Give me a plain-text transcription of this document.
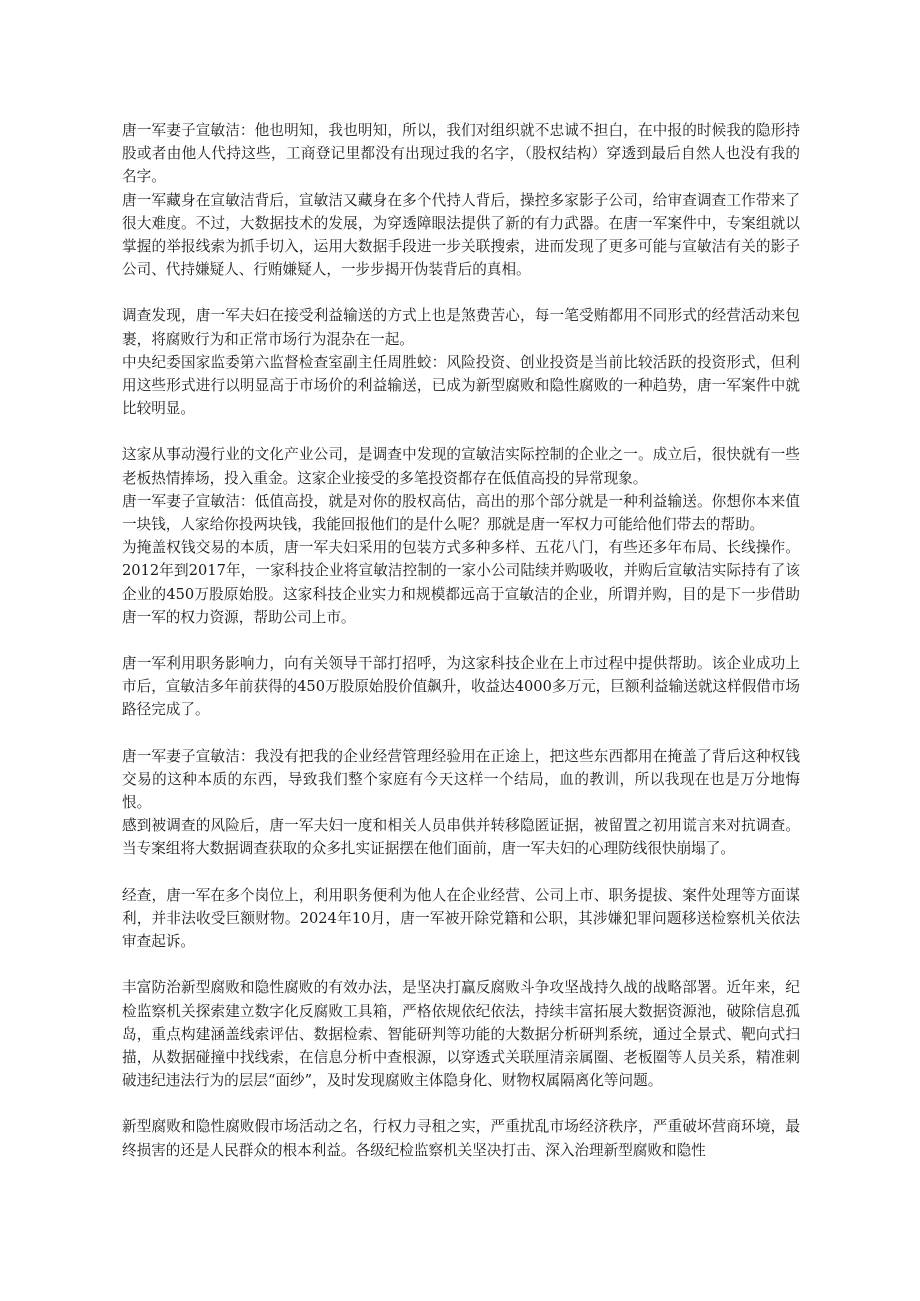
唐一军妻子宣敏洁：他也明知，我也明知，所以，我们对组织就不忠诚不担白，在中报的时候我的隐形持股或者由他人代持这些，工商登记里都没有出现过我的名字，（股权结构）穿透到最后自然人也没有我的名字。

唐一军藏身在宣敏洁背后，宣敏洁又藏身在多个代持人背后，操控多家影子公司，给审查调查工作带来了很大难度。不过，大数据技术的发展，为穿透障眼法提供了新的有力武器。在唐一军案件中，专案组就以掌握的举报线索为抓手切入，运用大数据手段进一步关联搜索，进而发现了更多可能与宣敏洁有关的影子公司、代持嫌疑人、行贿嫌疑人，一步步揭开伪装背后的真相。

调查发现，唐一军夫妇在接受利益输送的方式上也是煞费苦心，每一笔受贿都用不同形式的经营活动来包裹，将腐败行为和正常市场行为混杂在一起。

中央纪委国家监委第六监督检查室副主任周胜蛟：风险投资、创业投资是当前比较活跃的投资形式，但利用这些形式进行以明显高于市场价的利益输送，已成为新型腐败和隐性腐败的一种趋势，唐一军案件中就比较明显。

这家从事动漫行业的文化产业公司，是调查中发现的宣敏洁实际控制的企业之一。成立后，很快就有一些老板热情捧场，投入重金。这家企业接受的多笔投资都存在低值高投的异常现象。

唐一军妻子宣敏洁：低值高投，就是对你的股权高估，高出的那个部分就是一种利益输送。你想你本来值一块钱，人家给你投两块钱，我能回报他们的是什么呢？那就是唐一军权力可能给他们带去的帮助。

为掩盖权钱交易的本质，唐一军夫妇采用的包装方式多种多样、五花八门，有些还多年布局、长线操作。2012年到2017年，一家科技企业将宣敏洁控制的一家小公司陆续并购吸收，并购后宣敏洁实际持有了该企业的450万股原始股。这家科技企业实力和规模都远高于宣敏洁的企业，所谓并购，目的是下一步借助唐一军的权力资源，帮助公司上市。

唐一军利用职务影响力，向有关领导干部打招呼，为这家科技企业在上市过程中提供帮助。该企业成功上市后，宣敏洁多年前获得的450万股原始股价值飙升，收益达4000多万元，巨额利益输送就这样假借市场路径完成了。

唐一军妻子宣敏洁：我没有把我的企业经营管理经验用在正途上，把这些东西都用在掩盖了背后这种权钱交易的这种本质的东西，导致我们整个家庭有今天这样一个结局，血的教训，所以我现在也是万分地悔恨。

感到被调查的风险后，唐一军夫妇一度和相关人员串供并转移隐匿证据，被留置之初用谎言来对抗调查。当专案组将大数据调查获取的众多扎实证据摆在他们面前，唐一军夫妇的心理防线很快崩塌了。

经查，唐一军在多个岗位上，利用职务便利为他人在企业经营、公司上市、职务提拔、案件处理等方面谋利，并非法收受巨额财物。2024年10月，唐一军被开除党籍和公职，其涉嫌犯罪问题移送检察机关依法审查起诉。

丰富防治新型腐败和隐性腐败的有效办法，是坚决打赢反腐败斗争攻坚战持久战的战略部署。近年来，纪检监察机关探索建立数字化反腐败工具箱，严格依规依纪依法，持续丰富拓展大数据资源池，破除信息孤岛，重点构建涵盖线索评估、数据检索、智能研判等功能的大数据分析研判系统，通过全景式、靶向式扫描，从数据碰撞中找线索，在信息分析中查根源，以穿透式关联厘清亲属圈、老板圈等人员关系，精准刺破违纪违法行为的层层“面纱”，及时发现腐败主体隐身化、财物权属隔离化等问题。

新型腐败和隐性腐败假市场活动之名，行权力寻租之实，严重扰乱市场经济秩序，严重破坏营商环境，最终损害的还是人民群众的根本利益。各级纪检监察机关坚决打击、深入治理新型腐败和隐性
